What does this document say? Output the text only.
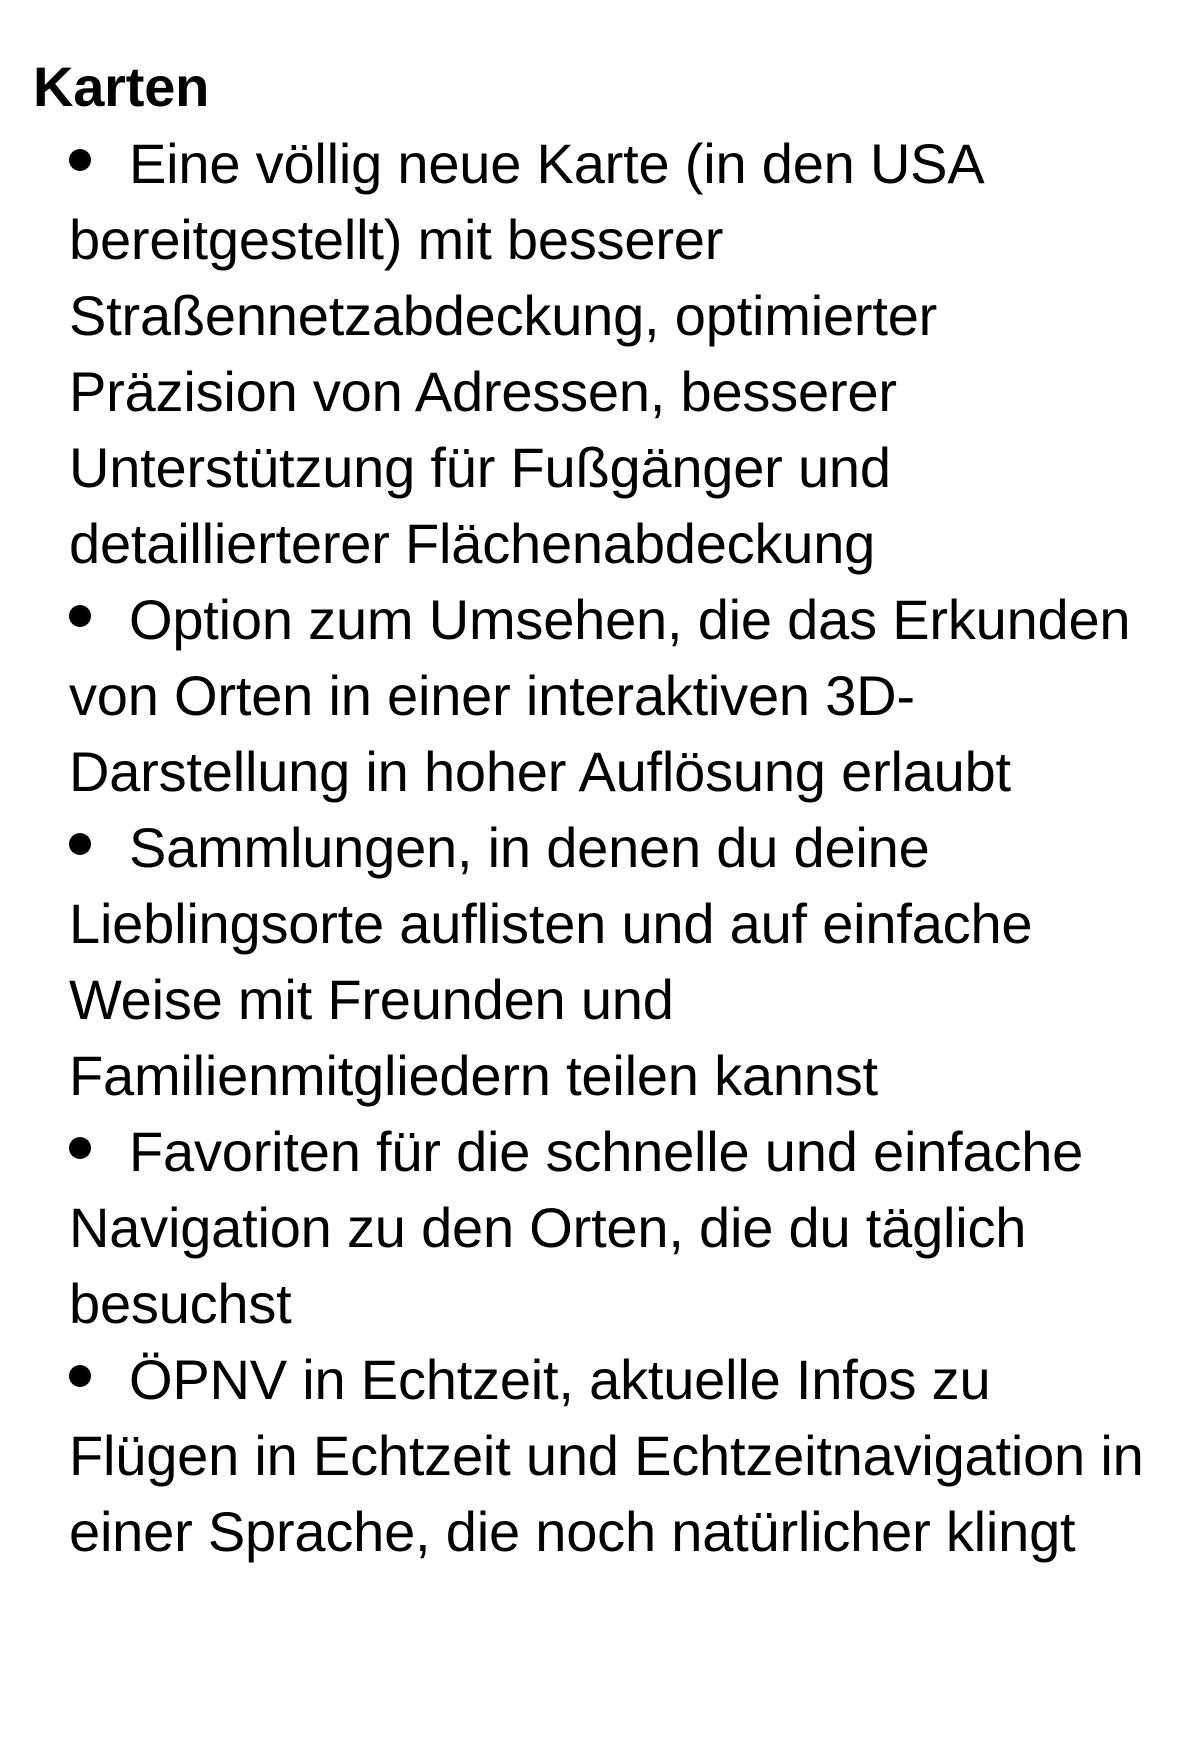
Karten
Eine völlig neue Karte (in den USA bereitgestellt) mit besserer Straßennetzabdeckung, optimierter Präzision von Adressen, besserer Unterstützung für Fußgänger und detaillierterer Flächenabdeckung
Option zum Umsehen, die das Erkunden von Orten in einer interaktiven 3D-Darstellung in hoher Auflösung erlaubt
Sammlungen, in denen du deine Lieblingsorte auflisten und auf einfache Weise mit Freunden und Familienmitgliedern teilen kannst
Favoriten für die schnelle und einfache Navigation zu den Orten, die du täglich besuchst
ÖPNV in Echtzeit, aktuelle Infos zu Flügen in Echtzeit und Echtzeitnavigation in einer Sprache, die noch natürlicher klingt
